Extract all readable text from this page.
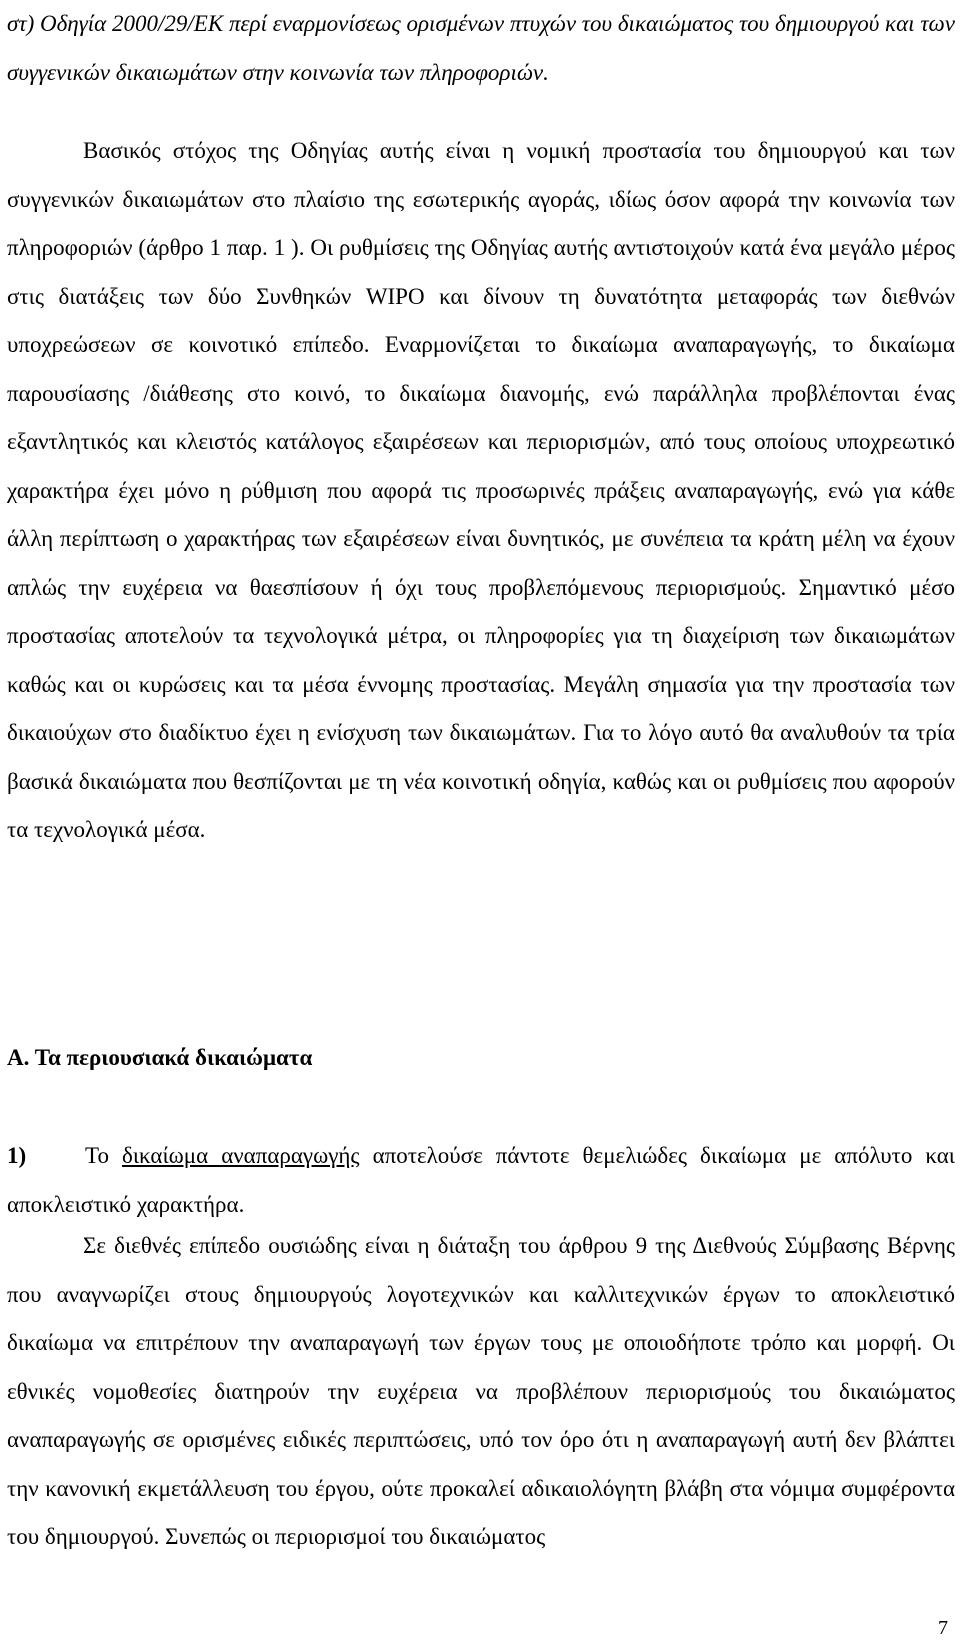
στ) Οδηγία 2000/29/ΕΚ περί εναρμονίσεως ορισμένων πτυχών του δικαιώματος του δημιουργού και των συγγενικών δικαιωμάτων στην κοινωνία των πληροφοριών.
Βασικός στόχος της Οδηγίας αυτής είναι η νομική προστασία του δημιουργού και των συγγενικών δικαιωμάτων στο πλαίσιο της εσωτερικής αγοράς, ιδίως όσον αφορά την κοινωνία των πληροφοριών (άρθρο 1 παρ. 1 ). Οι ρυθμίσεις της Οδηγίας αυτής αντιστοιχούν κατά ένα μεγάλο μέρος στις διατάξεις των δύο Συνθηκών WIPO και δίνουν τη δυνατότητα μεταφοράς των διεθνών υποχρεώσεων σε κοινοτικό επίπεδο. Εναρμονίζεται το δικαίωμα αναπαραγωγής, το δικαίωμα παρουσίασης /διάθεσης στο κοινό, το δικαίωμα διανομής, ενώ παράλληλα προβλέπονται ένας εξαντλητικός και κλειστός κατάλογος εξαιρέσεων και περιορισμών, από τους οποίους υποχρεωτικό χαρακτήρα έχει μόνο η ρύθμιση που αφορά τις προσωρινές πράξεις αναπαραγωγής, ενώ για κάθε άλλη περίπτωση ο χαρακτήρας των εξαιρέσεων είναι δυνητικός, με συνέπεια τα κράτη μέλη να έχουν απλώς την ευχέρεια να θαεσπίσουν ή όχι τους προβλεπόμενους περιορισμούς. Σημαντικό μέσο προστασίας αποτελούν τα τεχνολογικά μέτρα, οι πληροφορίες για τη διαχείριση των δικαιωμάτων καθώς και οι κυρώσεις και τα μέσα έννομης προστασίας. Μεγάλη σημασία για την προστασία των δικαιούχων στο διαδίκτυο έχει η ενίσχυση των δικαιωμάτων. Για το λόγο αυτό θα αναλυθούν τα τρία βασικά δικαιώματα που θεσπίζονται με τη νέα κοινοτική οδηγία, καθώς και οι ρυθμίσεις που αφορούν τα τεχνολογικά μέσα.
Α. Τα περιουσιακά δικαιώματα
1)	Το δικαίωμα αναπαραγωγής αποτελούσε πάντοτε θεμελιώδες δικαίωμα με απόλυτο και αποκλειστικό χαρακτήρα.
Σε διεθνές επίπεδο ουσιώδης είναι η διάταξη του άρθρου 9 της Διεθνούς Σύμβασης Βέρνης που αναγνωρίζει στους δημιουργούς λογοτεχνικών και καλλιτεχνικών έργων το αποκλειστικό δικαίωμα να επιτρέπουν την αναπαραγωγή των έργων τους με οποιοδήποτε τρόπο και μορφή. Οι εθνικές νομοθεσίες διατηρούν την ευχέρεια να προβλέπουν περιορισμούς του δικαιώματος αναπαραγωγής σε ορισμένες ειδικές περιπτώσεις, υπό τον όρο ότι η αναπαραγωγή αυτή δεν βλάπτει την κανονική εκμετάλλευση του έργου, ούτε προκαλεί αδικαιολόγητη βλάβη στα νόμιμα συμφέροντα του δημιουργού. Συνεπώς οι περιορισμοί του δικαιώματος
7
